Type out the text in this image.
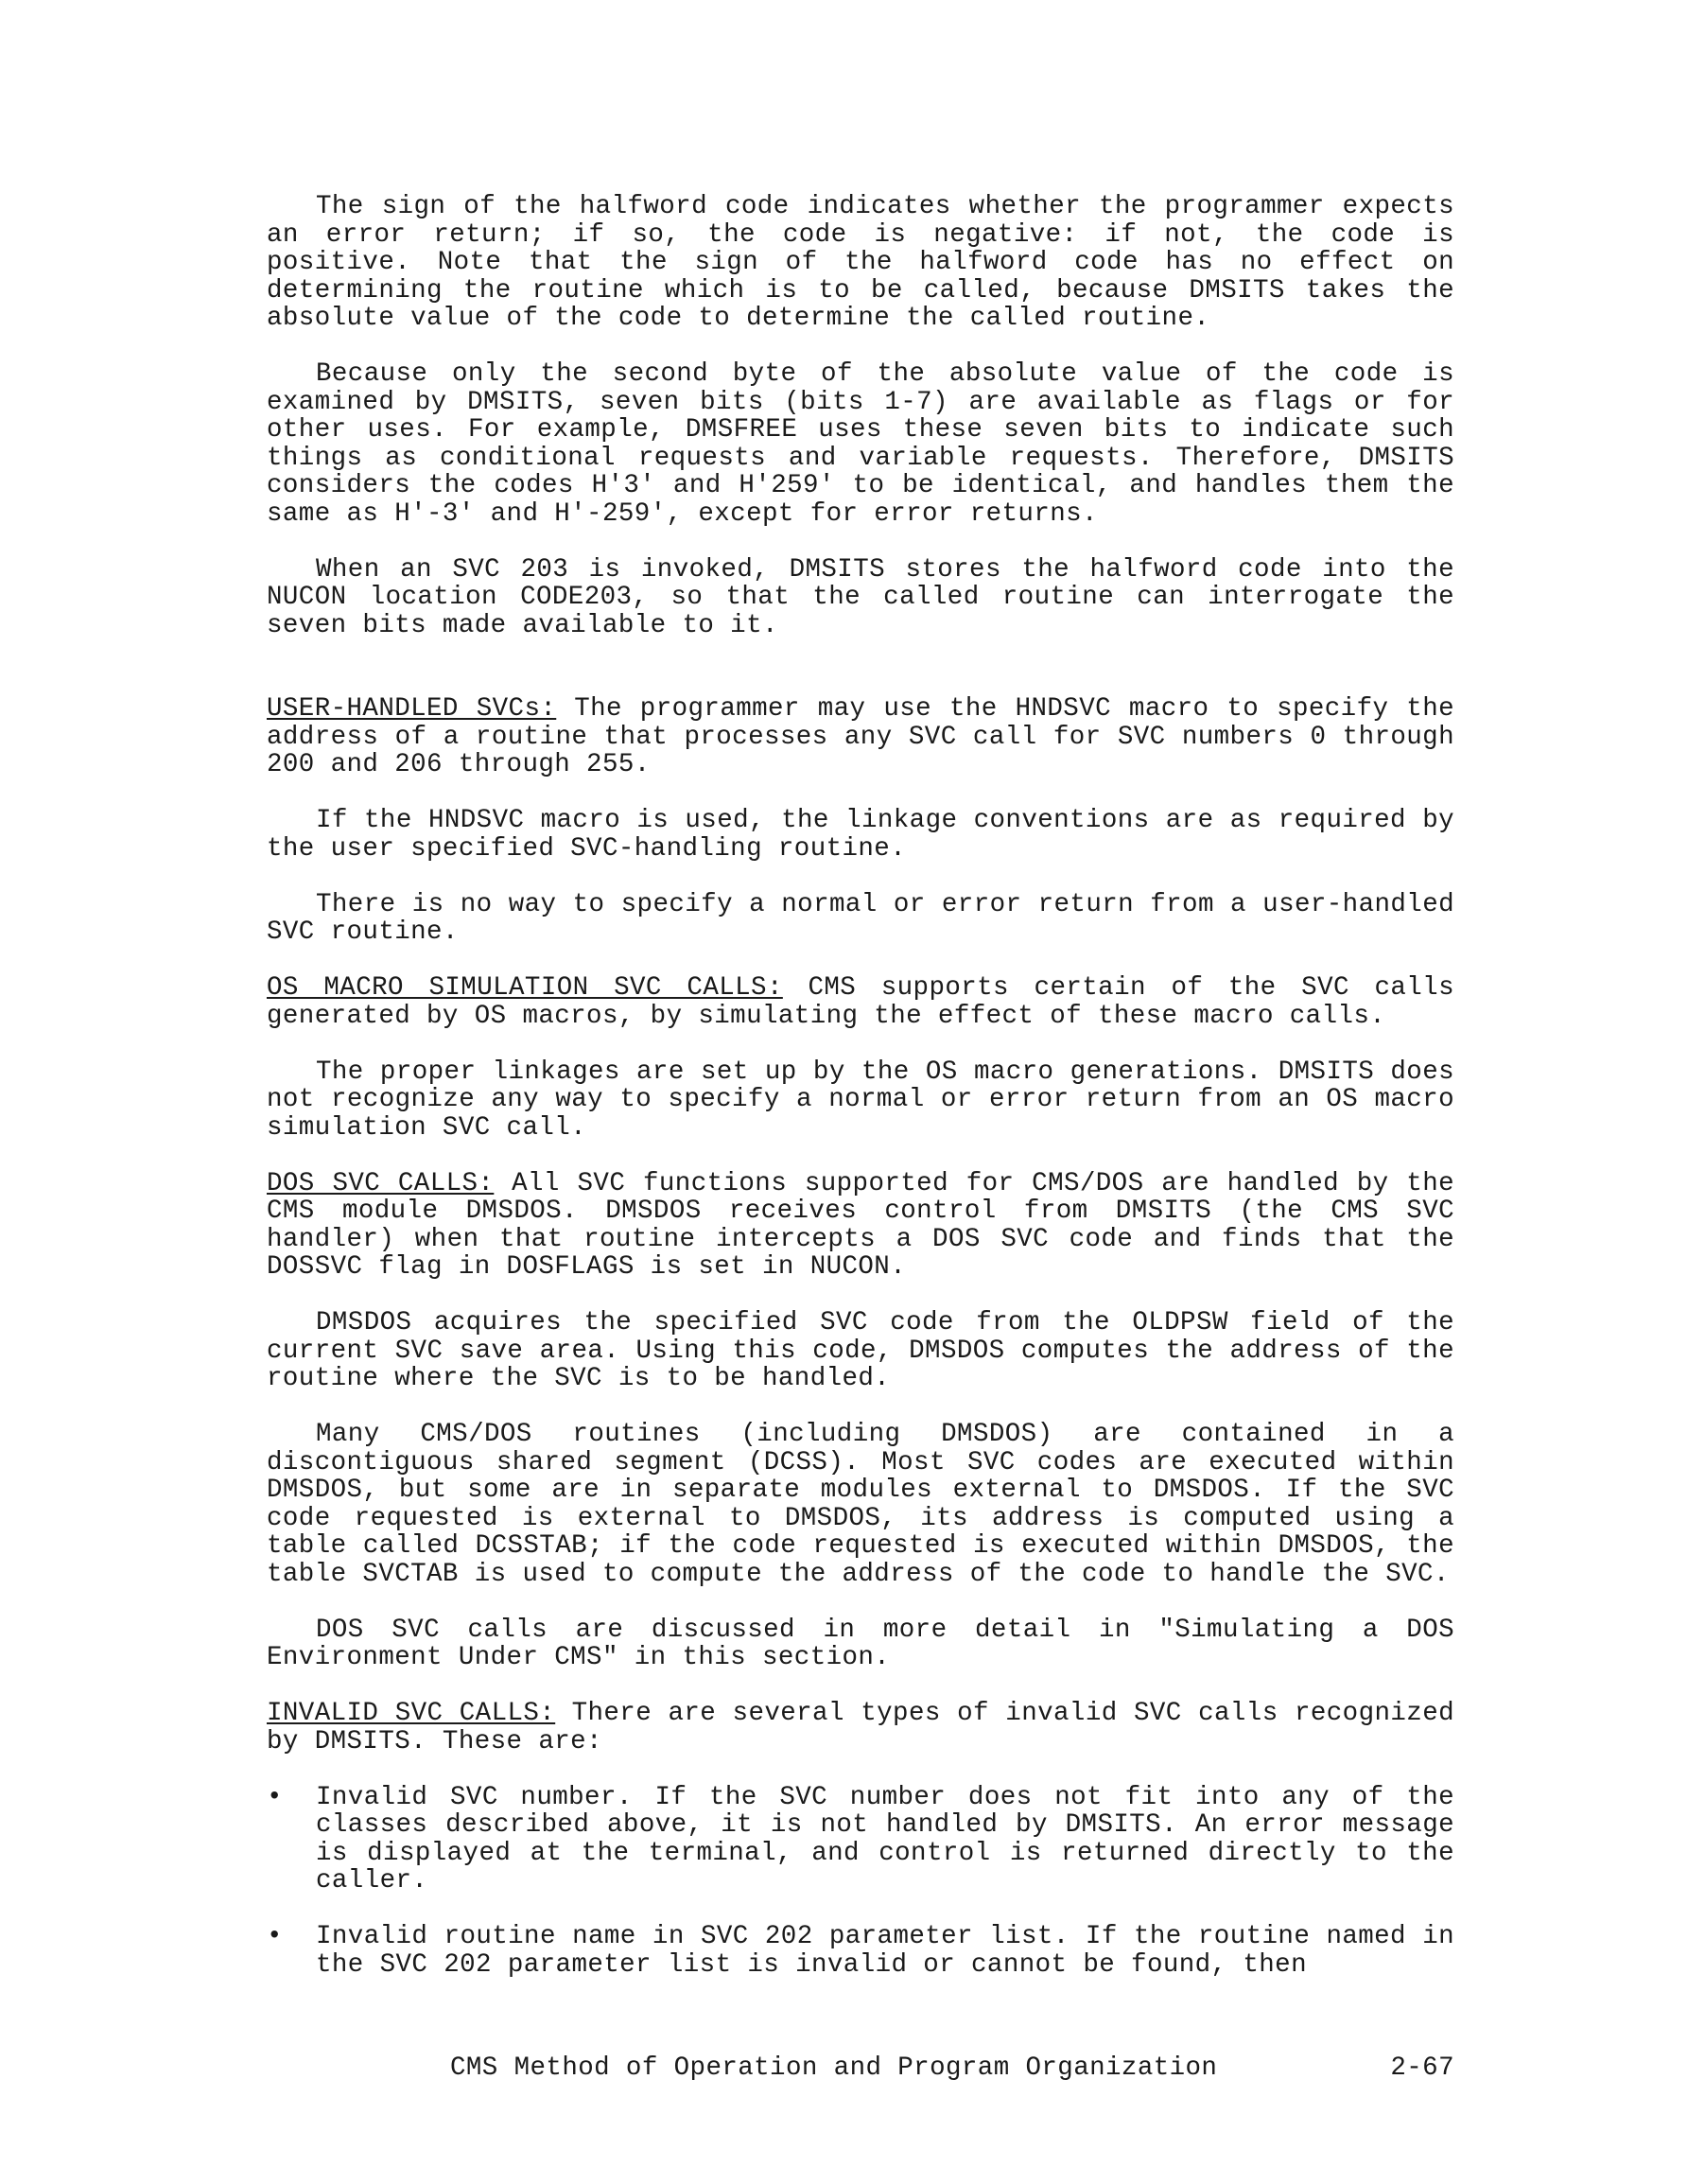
The sign of the halfword code indicates whether the programmer expects an error return; if so, the code is negative: if not, the code is positive. Note that the sign of the halfword code has no effect on determining the routine which is to be called, because DMSITS takes the absolute value of the code to determine the called routine.

Because only the second byte of the absolute value of the code is examined by DMSITS, seven bits (bits 1-7) are available as flags or for other uses. For example, DMSFREE uses these seven bits to indicate such things as conditional requests and variable requests. Therefore, DMSITS considers the codes H'3' and H'259' to be identical, and handles them the same as H'-3' and H'-259', except for error returns.

When an SVC 203 is invoked, DMSITS stores the halfword code into the NUCON location CODE203, so that the called routine can interrogate the seven bits made available to it.

USER-HANDLED SVCs: The programmer may use the HNDSVC macro to specify the address of a routine that processes any SVC call for SVC numbers 0 through 200 and 206 through 255.

If the HNDSVC macro is used, the linkage conventions are as required by the user specified SVC-handling routine.

There is no way to specify a normal or error return from a user-handled SVC routine.

OS MACRO SIMULATION SVC CALLS: CMS supports certain of the SVC calls generated by OS macros, by simulating the effect of these macro calls.

The proper linkages are set up by the OS macro generations. DMSITS does not recognize any way to specify a normal or error return from an OS macro simulation SVC call.

DOS SVC CALLS: All SVC functions supported for CMS/DOS are handled by the CMS module DMSDOS. DMSDOS receives control from DMSITS (the CMS SVC handler) when that routine intercepts a DOS SVC code and finds that the DOSSVC flag in DOSFLAGS is set in NUCON.

DMSDOS acquires the specified SVC code from the OLDPSW field of the current SVC save area. Using this code, DMSDOS computes the address of the routine where the SVC is to be handled.

Many CMS/DOS routines (including DMSDOS) are contained in a discontiguous shared segment (DCSS). Most SVC codes are executed within DMSDOS, but some are in separate modules external to DMSDOS. If the SVC code requested is external to DMSDOS, its address is computed using a table called DCSSTAB; if the code requested is executed within DMSDOS, the table SVCTAB is used to compute the address of the code to handle the SVC.

DOS SVC calls are discussed in more detail in "Simulating a DOS Environment Under CMS" in this section.

INVALID SVC CALLS: There are several types of invalid SVC calls recognized by DMSITS. These are:

• Invalid SVC number. If the SVC number does not fit into any of the classes described above, it is not handled by DMSITS. An error message is displayed at the terminal, and control is returned directly to the caller.
• Invalid routine name in SVC 202 parameter list. If the routine named in the SVC 202 parameter list is invalid or cannot be found, then
CMS Method of Operation and Program Organization	2-67
